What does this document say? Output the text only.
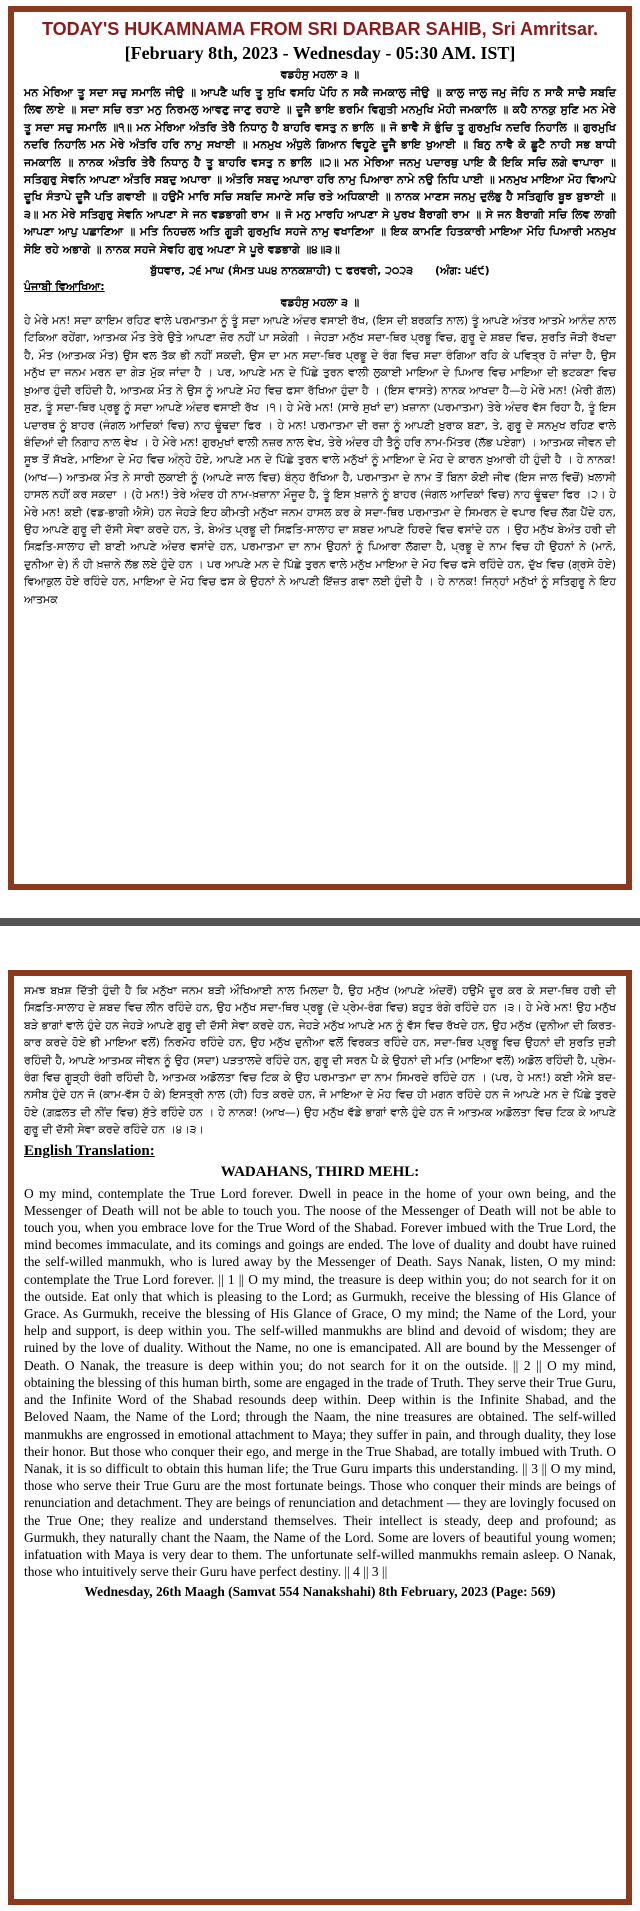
TODAY'S HUKAMNAMA FROM SRI DARBAR SAHIB, Sri Amritsar.

[February 8th, 2023 - Wednesday - 05:30 AM. IST]

ਵਡਹੰਸੁ ਮਹਲਾ ੩ ॥

ਮਨ ਮੇਰਿਆ ਤੂ ਸਦਾ ਸਚੁ ਸਮਾਲਿ ਜੀਉ ॥ ਆਪਣੈ ਘਰਿ ਤੂ ਸੁਖਿ ਵਸਹਿ ਪੋਹਿ ਨ ਸਕੈ ਜਮਕਾਲੁ ਜੀਉ ॥ ਕਾਲੁ ਜਾਲੁ ਜਮੁ ਜੋਹਿ ਨ ਸਾਕੈ ਸਾਚੈ ਸਬਦਿ ਲਿਵ ਲਾਏ ॥ ਸਦਾ ਸਚਿ ਰਤਾ ਮਨੁ ਨਿਰਮਲੁ ਆਵਣੁ ਜਾਣੁ ਰਹਾਏ ॥ ਦੂਜੈ ਭਾਇ ਭਰਮਿ ਵਿਗੁਤੀ ਮਨਮੁਖਿ ਮੋਹੀ ਜਮਕਾਲਿ ॥ ਕਹੈ ਨਾਨਕੁ ਸੁਣਿ ਮਨ ਮੇਰੇ ਤੂ ਸਦਾ ਸਚੁ ਸਮਾਲਿ ॥੧॥ ਮਨ ਮੇਰਿਆ ਅੰਤਰਿ ਤੇਰੈ ਨਿਧਾਨੁ ਹੈ ਬਾਹਰਿ ਵਸਤੁ ਨ ਭਾਲਿ ॥ ਜੋ ਭਾਵੈ ਸੋ ਭੁੰਚਿ ਤੂ ਗੁਰਮੁਖਿ ਨਦਰਿ ਨਿਹਾਲਿ ॥ ਗੁਰਮੁਖਿ ਨਦਰਿ ਨਿਹਾਲਿ ਮਨ ਮੇਰੇ ਅੰਤਰਿ ਹਰਿ ਨਾਮੁ ਸਖਾਈ ॥ ਮਨਮੁਖ ਅੰਧੁਲੇ ਗਿਆਨ ਵਿਹੂਣੇ ਦੂਜੈ ਭਾਇ ਖੁਆਈ ॥ ਬਿਨੁ ਨਾਵੈ ਕੋ ਛੂਟੈ ਨਾਹੀ ਸਭ ਬਾਧੀ ਜਮਕਾਲਿ ॥ ਨਾਨਕ ਅੰਤਰਿ ਤੇਰੈ ਨਿਧਾਨੁ ਹੈ ਤੂ ਬਾਹਰਿ ਵਸਤੁ ਨ ਭਾਲਿ ॥੨॥ ਮਨ ਮੇਰਿਆ ਜਨਮੁ ਪਦਾਰਥੁ ਪਾਇ ਕੈ ਇਕਿ ਸਚਿ ਲਗੇ ਵਾਪਾਰਾ ॥ ਸਤਿਗੁਰੁ ਸੇਵਨਿ ਆਪਣਾ ਅੰਤਰਿ ਸਬਦੁ ਅਪਾਰਾ ॥ ਅੰਤਰਿ ਸਬਦੁ ਅਪਾਰਾ ਹਰਿ ਨਾਮੁ ਪਿਆਰਾ ਨਾਮੇ ਨਉ ਨਿਧਿ ਪਾਈ ॥ ਮਨਮੁਖ ਮਾਇਆ ਮੋਹ ਵਿਆਪੇ ਦੂਖਿ ਸੰਤਾਪੇ ਦੂਜੈ ਪਤਿ ਗਵਾਈ ॥ ਹਉਮੈ ਮਾਰਿ ਸਚਿ ਸਬਦਿ ਸਮਾਣੇ ਸਚਿ ਰਤੇ ਅਧਿਕਾਈ ॥ ਨਾਨਕ ਮਾਣਸ ਜਨਮੁ ਦੁਲੰਭੁ ਹੈ ਸਤਿਗੁਰਿ ਬੂਝ ਬੁਝਾਈ ॥੩॥ ਮਨ ਮੇਰੇ ਸਤਿਗੁਰੁ ਸੇਵਨਿ ਆਪਣਾ ਸੇ ਜਨ ਵਡਭਾਗੀ ਰਾਮ ॥ ਜੋ ਮਨੁ ਮਾਰਹਿ ਆਪਣਾ ਸੇ ਪੁਰਖ ਬੈਰਾਗੀ ਰਾਮ ॥ ਸੇ ਜਨ ਬੈਰਾਗੀ ਸਚਿ ਲਿਵ ਲਾਗੀ ਆਪਣਾ ਆਪੁ ਪਛਾਣਿਆ ॥ ਮਤਿ ਨਿਹਚਲ ਅਤਿ ਗੂੜੀ ਗੁਰਮੁਖਿ ਸਹਜੇ ਨਾਮੁ ਵਖਾਣਿਆ ॥ ਇਕ ਕਾਮਣਿ ਹਿਤਕਾਰੀ ਮਾਇਆ ਮੋਹਿ ਪਿਆਰੀ ਮਨਮੁਖ ਸੋਇ ਰਹੇ ਅਭਾਗੇ ॥ ਨਾਨਕ ਸਹਜੇ ਸੇਵਹਿ ਗੁਰੁ ਅਪਣਾ ਸੇ ਪੂਰੇ ਵਡਭਾਗੇ ॥੪॥੩॥

ਬੁੱਧਵਾਰ, ੨੬ ਮਾਘ (ਸੰਮਤ ੫੫੪ ਨਾਨਕਸ਼ਾਹੀ) ੮ ਫਰਵਰੀ, ੨੦੨੩ (ਅੰਗ: ੫੬੯)

ਪੰਜਾਬੀ ਵਿਆਖਿਆ:

ਵਡਹੰਸੁ ਮਹਲਾ ੩ ॥

ਹੇ ਮੇਰੇ ਮਨ! ਸਦਾ ਕਾਇਮ ਰਹਿਣ ਵਾਲੇ ਪਰਮਾਤਮਾ ਨੂੰ ਤੂੰ ਸਦਾ ਆਪਣੇ ਅੰਦਰ ਵਸਾਈ ਰੱਖ, (ਇਸ ਦੀ ਬਰਕਤਿ ਨਾਲ) ਤੂੰ ਆਪਣੇ ਅੰਤਰ ਆਤਮੇ ਆਨੰਦ ਨਾਲ ਟਿਕਿਆ ਰਹੇਂਗਾ, ਆਤਮਕ ਮੌਤ ਤੇਰੇ ਉਤੇ ਆਪਣਾ ਜ਼ੋਰ ਨਹੀਂ ਪਾ ਸਕੇਗੀ । ਜੇਹੜਾ ਮਨੁੱਖ ਸਦਾ-ਥਿਰ ਪ੍ਰਭੂ ਵਿਚ, ਗੁਰੂ ਦੇ ਸ਼ਬਦ ਵਿਚ, ਸੁਰਤਿ ਜੋੜੀ ਰੱਖਦਾ ਹੈ, ਮੌਤ (ਆਤਮਕ ਮੌਤ) ਉਸ ਵਲ ਤੱਕ ਭੀ ਨਹੀਂ ਸਕਦੀ, ਉਸ ਦਾ ਮਨ ਸਦਾ-ਥਿਰ ਪ੍ਰਭੂ ਦੇ ਰੰਗ ਵਿਚ ਸਦਾ ਰੰਗਿਆ ਰਹਿ ਕੇ ਪਵਿਤ੍ਰ ਹੋ ਜਾਂਦਾ ਹੈ, ਉਸ ਮਨੁੱਖ ਦਾ ਜਨਮ ਮਰਨ ਦਾ ਗੇੜ ਮੁੱਕ ਜਾਂਦਾ ਹੈ । ਪਰ, ਆਪਣੇ ਮਨ ਦੇ ਪਿੱਛੇ ਤੁਰਨ ਵਾਲੀ ਲੁਕਾਈ ਮਾਇਆ ਦੇ ਪਿਆਰ ਵਿਚ ਮਾਇਆ ਦੀ ਭਟਕਣਾ ਵਿਚ ਖ਼ੁਆਰ ਹੁੰਦੀ ਰਹਿੰਦੀ ਹੈ, ਆਤਮਕ ਮੌਤ ਨੇ ਉਸ ਨੂੰ ਆਪਣੇ ਮੋਹ ਵਿਚ ਫਸਾ ਰੱਖਿਆ ਹੁੰਦਾ ਹੈ । (ਇਸ ਵਾਸਤੇ) ਨਾਨਕ ਆਖਦਾ ਹੈ—ਹੇ ਮੇਰੇ ਮਨ! (ਮੇਰੀ ਗੱਲ) ਸੁਣ, ਤੂੰ ਸਦਾ-ਥਿਰ ਪ੍ਰਭੂ ਨੂੰ ਸਦਾ ਆਪਣੇ ਅੰਦਰ ਵਸਾਈ ਰੱਖ ।੧। ਹੇ ਮੇਰੇ ਮਨ! (ਸਾਰੇ ਸੁਖਾਂ ਦਾ) ਖ਼ਜ਼ਾਨਾ (ਪਰਮਾਤਮਾ) ਤੇਰੇ ਅੰਦਰ ਵੱਸ ਰਿਹਾ ਹੈ, ਤੂੰ ਇਸ ਪਦਾਰਥ ਨੂੰ ਬਾਹਰ (ਜੰਗਲ ਆਦਿਕਾਂ ਵਿਚ) ਨਾਹ ਢੂੰਢਦਾ ਫਿਰ । ਹੇ ਮਨ! ਪਰਮਾਤਮਾ ਦੀ ਰਜ਼ਾ ਨੂੰ ਆਪਣੀ ਖ਼ੁਰਾਕ ਬਣਾ, ਤੇ, ਗੁਰੂ ਦੇ ਸਨਮੁਖ ਰਹਿਣ ਵਾਲੇ ਬੰਦਿਆਂ ਦੀ ਨਿਗਾਹ ਨਾਲ ਵੇਖ । ਹੇ ਮੇਰੇ ਮਨ! ਗੁਰਮੁਖਾਂ ਵਾਲੀ ਨਜ਼ਰ ਨਾਲ ਵੇਖ, ਤੇਰੇ ਅੰਦਰ ਹੀ ਤੈਨੂੰ ਹਰਿ ਨਾਮ-ਮਿੱਤਰ (ਲੱਭ ਪਏਗਾ) । ਆਤਮਕ ਜੀਵਨ ਦੀ ਸੂਝ ਤੋਂ ਸੱਖਣੇ, ਮਾਇਆ ਦੇ ਮੋਹ ਵਿਚ ਅੰਨ੍ਹੇ ਹੋਏ, ਆਪਣੇ ਮਨ ਦੇ ਪਿੱਛੇ ਤੁਰਨ ਵਾਲੇ ਮਨੁੱਖਾਂ ਨੂੰ ਮਾਇਆ ਦੇ ਮੋਹ ਦੇ ਕਾਰਨ ਖ਼ੁਆਰੀ ਹੀ ਹੁੰਦੀ ਹੈ । ਹੇ ਨਾਨਕ! (ਆਖ—) ਆਤਮਕ ਮੌਤ ਨੇ ਸਾਰੀ ਲੁਕਾਈ ਨੂੰ (ਆਪਣੇ ਜਾਲ ਵਿਚ) ਬੰਨ੍ਹ ਰੱਖਿਆ ਹੈ, ਪਰਮਾਤਮਾ ਦੇ ਨਾਮ ਤੋਂ ਬਿਨਾ ਕੋਈ ਜੀਵ (ਇਸ ਜਾਲ ਵਿਚੋਂ) ਖ਼ਲਾਸੀ ਹਾਸਲ ਨਹੀਂ ਕਰ ਸਕਦਾ । (ਹੇ ਮਨ!) ਤੇਰੇ ਅੰਦਰ ਹੀ ਨਾਮ-ਖ਼ਜ਼ਾਨਾ ਮੌਜੂਦ ਹੈ, ਤੂੰ ਇਸ ਖ਼ਜ਼ਾਨੇ ਨੂੰ ਬਾਹਰ (ਜੰਗਲ ਆਦਿਕਾਂ ਵਿਚ) ਨਾਹ ਢੂੰਢਦਾ ਫਿਰ ।੨। ਹੇ ਮੇਰੇ ਮਨ! ਕਈ (ਵਡ-ਭਾਗੀ ਐਸੇ) ਹਨ ਜੇਹੜੇ ਇਹ ਕੀਮਤੀ ਮਨੁੱਖਾ ਜਨਮ ਹਾਸਲ ਕਰ ਕੇ ਸਦਾ-ਥਿਰ ਪਰਮਾਤਮਾ ਦੇ ਸਿਮਰਨ ਦੇ ਵਪਾਰ ਵਿਚ ਲੱਗ ਪੈਂਦੇ ਹਨ, ਉਹ ਆਪਣੇ ਗੁਰੂ ਦੀ ਦੱਸੀ ਸੇਵਾ ਕਰਦੇ ਹਨ, ਤੇ, ਬੇਅੰਤ ਪ੍ਰਭੂ ਦੀ ਸਿਫ਼ਤਿ-ਸਾਲਾਹ ਦਾ ਸ਼ਬਦ ਆਪਣੇ ਹਿਰਦੇ ਵਿਚ ਵਸਾਂਦੇ ਹਨ । ਉਹ ਮਨੁੱਖ ਬੇਅੰਤ ਹਰੀ ਦੀ ਸਿਫ਼ਤਿ-ਸਾਲਾਹ ਦੀ ਬਾਣੀ ਆਪਣੇ ਅੰਦਰ ਵਸਾਂਦੇ ਹਨ, ਪਰਮਾਤਮਾ ਦਾ ਨਾਮ ਉਹਨਾਂ ਨੂੰ ਪਿਆਰਾ ਲੱਗਦਾ ਹੈ, ਪ੍ਰਭੂ ਦੇ ਨਾਮ ਵਿਚ ਹੀ ਉਹਨਾਂ ਨੇ (ਮਾਨੋ, ਦੁਨੀਆ ਦੇ) ਨੌ ਹੀ ਖ਼ਜ਼ਾਨੇ ਲੱਭ ਲਏ ਹੁੰਦੇ ਹਨ । ਪਰ ਆਪਣੇ ਮਨ ਦੇ ਪਿੱਛੇ ਤੁਰਨ ਵਾਲੇ ਮਨੁੱਖ ਮਾਇਆ ਦੇ ਮੋਹ ਵਿਚ ਫਸੇ ਰਹਿੰਦੇ ਹਨ, ਦੁੱਖ ਵਿਚ (ਗ੍ਰਸੇ ਹੋਏ) ਵਿਆਕੁਲ ਹੋਏ ਰਹਿੰਦੇ ਹਨ, ਮਾਇਆ ਦੇ ਮੋਹ ਵਿਚ ਫਸ ਕੇ ਉਹਨਾਂ ਨੇ ਆਪਣੀ ਇੱਜ਼ਤ ਗਵਾ ਲਈ ਹੁੰਦੀ ਹੈ । ਹੇ ਨਾਨਕ! ਜਿਨ੍ਹਾਂ ਮਨੁੱਖਾਂ ਨੂੰ ਸਤਿਗੁਰੂ ਨੇ ਇਹ ਆਤਮਕ

ਸਮਝ ਬਖ਼ਸ਼ ਦਿੱਤੀ ਹੁੰਦੀ ਹੈ ਕਿ ਮਨੁੱਖਾ ਜਨਮ ਬੜੀ ਔਖਿਆਈ ਨਾਲ ਮਿਲਦਾ ਹੈ, ਉਹ ਮਨੁੱਖ (ਆਪਣੇ ਅੰਦਰੋਂ) ਹਉਮੈ ਦੂਰ ਕਰ ਕੇ ਸਦਾ-ਥਿਰ ਹਰੀ ਦੀ ਸਿਫ਼ਤਿ-ਸਾਲਾਹ ਦੇ ਸ਼ਬਦ ਵਿਚ ਲੀਨ ਰਹਿੰਦੇ ਹਨ, ਉਹ ਮਨੁੱਖ ਸਦਾ-ਥਿਰ ਪ੍ਰਭੂ (ਦੇ ਪ੍ਰੇਮ-ਰੰਗ ਵਿਚ) ਬਹੁਤ ਰੰਗੇ ਰਹਿੰਦੇ ਹਨ ।੩। ਹੇ ਮੇਰੇ ਮਨ! ਉਹ ਮਨੁੱਖ ਬੜੇ ਭਾਗਾਂ ਵਾਲੇ ਹੁੰਦੇ ਹਨ ਜੇਹੜੇ ਆਪਣੇ ਗੁਰੂ ਦੀ ਦੱਸੀ ਸੇਵਾ ਕਰਦੇ ਹਨ, ਜੇਹੜੇ ਮਨੁੱਖ ਆਪਣੇ ਮਨ ਨੂੰ ਵੱਸ ਵਿਚ ਰੱਖਦੇ ਹਨ, ਉਹ ਮਨੁੱਖ (ਦੁਨੀਆ ਦੀ ਕਿਰਤ-ਕਾਰ ਕਰਦੇ ਹੋਏ ਭੀ ਮਾਇਆ ਵਲੋਂ) ਨਿਰਮੋਹ ਰਹਿੰਦੇ ਹਨ, ਉਹ ਮਨੁੱਖ ਦੁਨੀਆ ਵਲੋਂ ਵਿਰਕਤ ਰਹਿੰਦੇ ਹਨ, ਸਦਾ-ਥਿਰ ਪ੍ਰਭੂ ਵਿਚ ਉਹਨਾਂ ਦੀ ਸੁਰਤਿ ਜੁੜੀ ਰਹਿੰਦੀ ਹੈ, ਆਪਣੇ ਆਤਮਕ ਜੀਵਨ ਨੂੰ ਉਹ (ਸਦਾ) ਪੜਤਾਲਦੇ ਰਹਿੰਦੇ ਹਨ, ਗੁਰੂ ਦੀ ਸਰਨ ਪੈ ਕੇ ਉਹਨਾਂ ਦੀ ਮਤਿ (ਮਾਇਆ ਵਲੋਂ) ਅਡੋਲ ਰਹਿੰਦੀ ਹੈ, ਪ੍ਰੇਮ-ਰੰਗ ਵਿਚ ਗੂੜ੍ਹੀ ਰੰਗੀ ਰਹਿੰਦੀ ਹੈ, ਆਤਮਕ ਅਡੋਲਤਾ ਵਿਚ ਟਿਕ ਕੇ ਉਹ ਪਰਮਾਤਮਾ ਦਾ ਨਾਮ ਸਿਮਰਦੇ ਰਹਿੰਦੇ ਹਨ । (ਪਰ, ਹੇ ਮਨ!) ਕਈ ਐਸੇ ਬਦ-ਨਸੀਬ ਹੁੰਦੇ ਹਨ ਜੋ (ਕਾਮ-ਵੱਸ ਹੋ ਕੇ) ਇਸਤ੍ਰੀ ਨਾਲ (ਹੀ) ਹਿਤ ਕਰਦੇ ਹਨ, ਜੋ ਮਾਇਆ ਦੇ ਮੋਹ ਵਿਚ ਹੀ ਮਗਨ ਰਹਿੰਦੇ ਹਨ ਜੋ ਆਪਣੇ ਮਨ ਦੇ ਪਿੱਛੇ ਤੁਰਦੇ ਹੋਏ (ਗ਼ਫ਼ਲਤ ਦੀ ਨੀਂਦ ਵਿਚ) ਸੁੱਤੇ ਰਹਿੰਦੇ ਹਨ । ਹੇ ਨਾਨਕ! (ਆਖ—) ਉਹ ਮਨੁੱਖ ਵੱਡੇ ਭਾਗਾਂ ਵਾਲੇ ਹੁੰਦੇ ਹਨ ਜੋ ਆਤਮਕ ਅਡੋਲਤਾ ਵਿਚ ਟਿਕ ਕੇ ਆਪਣੇ ਗੁਰੂ ਦੀ ਦੱਸੀ ਸੇਵਾ ਕਰਦੇ ਰਹਿੰਦੇ ਹਨ ।੪।੩।

English Translation:

WADAHANS, THIRD MEHL:

O my mind, contemplate the True Lord forever. Dwell in peace in the home of your own being, and the Messenger of Death will not be able to touch you. The noose of the Messenger of Death will not be able to touch you, when you embrace love for the True Word of the Shabad. Forever imbued with the True Lord, the mind becomes immaculate, and its comings and goings are ended. The love of duality and doubt have ruined the self-willed manmukh, who is lured away by the Messenger of Death. Says Nanak, listen, O my mind: contemplate the True Lord forever. || 1 || O my mind, the treasure is deep within you; do not search for it on the outside. Eat only that which is pleasing to the Lord; as Gurmukh, receive the blessing of His Glance of Grace. As Gurmukh, receive the blessing of His Glance of Grace, O my mind; the Name of the Lord, your help and support, is deep within you. The self-willed manmukhs are blind and devoid of wisdom; they are ruined by the love of duality. Without the Name, no one is emancipated. All are bound by the Messenger of Death. O Nanak, the treasure is deep within you; do not search for it on the outside. || 2 || O my mind, obtaining the blessing of this human birth, some are engaged in the trade of Truth. They serve their True Guru, and the Infinite Word of the Shabad resounds deep within. Deep within is the Infinite Shabad, and the Beloved Naam, the Name of the Lord; through the Naam, the nine treasures are obtained. The self-willed manmukhs are engrossed in emotional attachment to Maya; they suffer in pain, and through duality, they lose their honor. But those who conquer their ego, and merge in the True Shabad, are totally imbued with Truth. O Nanak, it is so difficult to obtain this human life; the True Guru imparts this understanding. || 3 || O my mind, those who serve their True Guru are the most fortunate beings. Those who conquer their minds are beings of renunciation and detachment. They are beings of renunciation and detachment — they are lovingly focused on the True One; they realize and understand themselves. Their intellect is steady, deep and profound; as Gurmukh, they naturally chant the Naam, the Name of the Lord. Some are lovers of beautiful young women; infatuation with Maya is very dear to them. The unfortunate self-willed manmukhs remain asleep. O Nanak, those who intuitively serve their Guru have perfect destiny. || 4 || 3 ||

Wednesday, 26th Maagh (Samvat 554 Nanakshahi) 8th February, 2023 (Page: 569)
